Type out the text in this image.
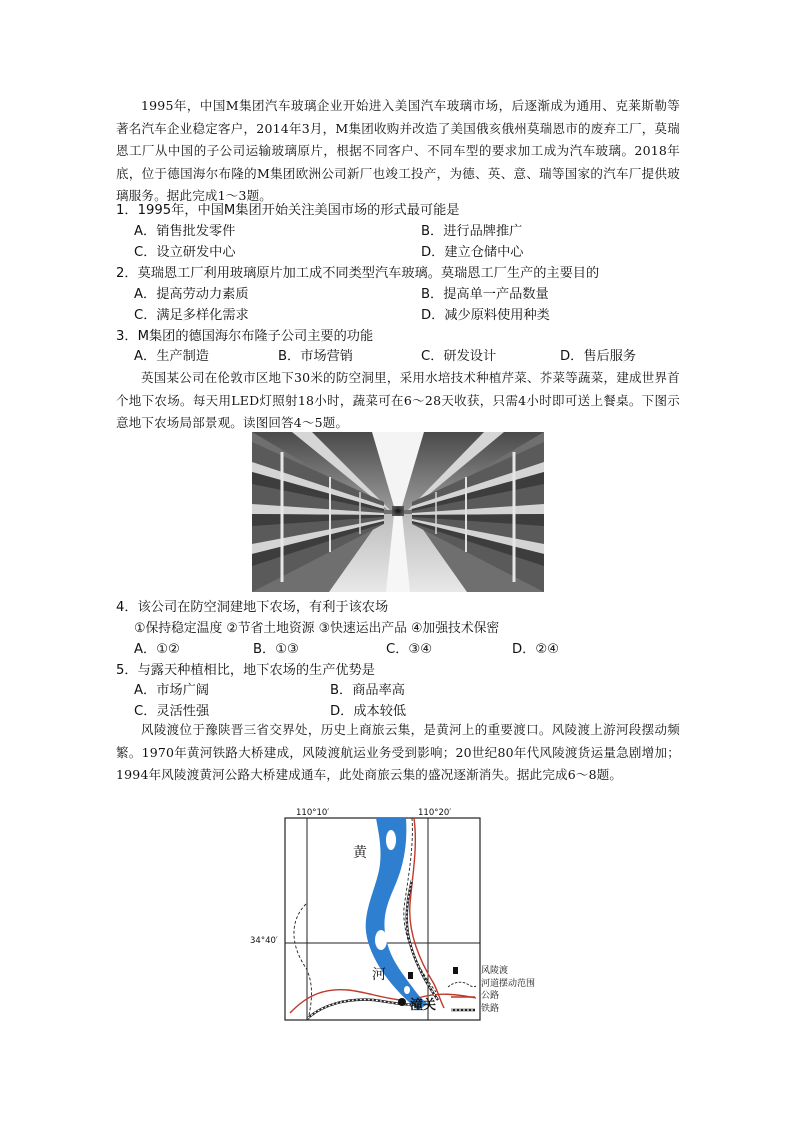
1995年，中国M集团汽车玻璃企业开始进入美国汽车玻璃市场，后逐渐成为通用、克莱斯勒等著名汽车企业稳定客户，2014年3月，M集团收购并改造了美国俄亥俄州莫瑞恩市的废弃工厂，莫瑞恩工厂从中国的子公司运输玻璃原片，根据不同客户、不同车型的要求加工成为汽车玻璃。2018年底，位于德国海尔布隆的M集团欧洲公司新厂也竣工投产，为德、英、意、瑞等国家的汽车厂提供玻璃服务。据此完成1～3题。
1．1995年，中国M集团开始关注美国市场的形式最可能是
A．销售批发零件	B．进行品牌推广
C．设立研发中心	D．建立仓储中心
2．莫瑞恩工厂利用玻璃原片加工成不同类型汽车玻璃。莫瑞恩工厂生产的主要目的
A．提高劳动力素质	B．提高单一产品数量
C．满足多样化需求	D．减少原料使用种类
3．M集团的德国海尔布隆子公司主要的功能
A．生产制造	B．市场营销	C．研发设计	D．售后服务
英国某公司在伦敦市区地下30米的防空洞里，采用水培技术种植芹菜、芥菜等蔬菜，建成世界首个地下农场。每天用LED灯照射18小时，蔬菜可在6～28天收获，只需4小时即可送上餐桌。下图示意地下农场局部景观。读图回答4～5题。
4．该公司在防空洞建地下农场，有利于该农场
①保持稳定温度 ②节省土地资源 ③快速运出产品 ④加强技术保密
A．①②	B．①③	C．③④	D．②④
5．与露天种植相比，地下农场的生产优势是
A．市场广阔	B．商品率高
C．灵活性强	D．成本较低
风陵渡位于豫陕晋三省交界处，历史上商旅云集，是黄河上的重要渡口。风陵渡上游河段摆动频繁。1970年黄河铁路大桥建成，风陵渡航运业务受到影响；20世纪80年代风陵渡货运量急剧增加；1994年风陵渡黄河公路大桥建成通车，此处商旅云集的盛况逐渐消失。据此完成6～8题。
110°10′	110°20′
34°40′
黄
河
潼关
风陵渡
河道摆动范围
公路
铁路
